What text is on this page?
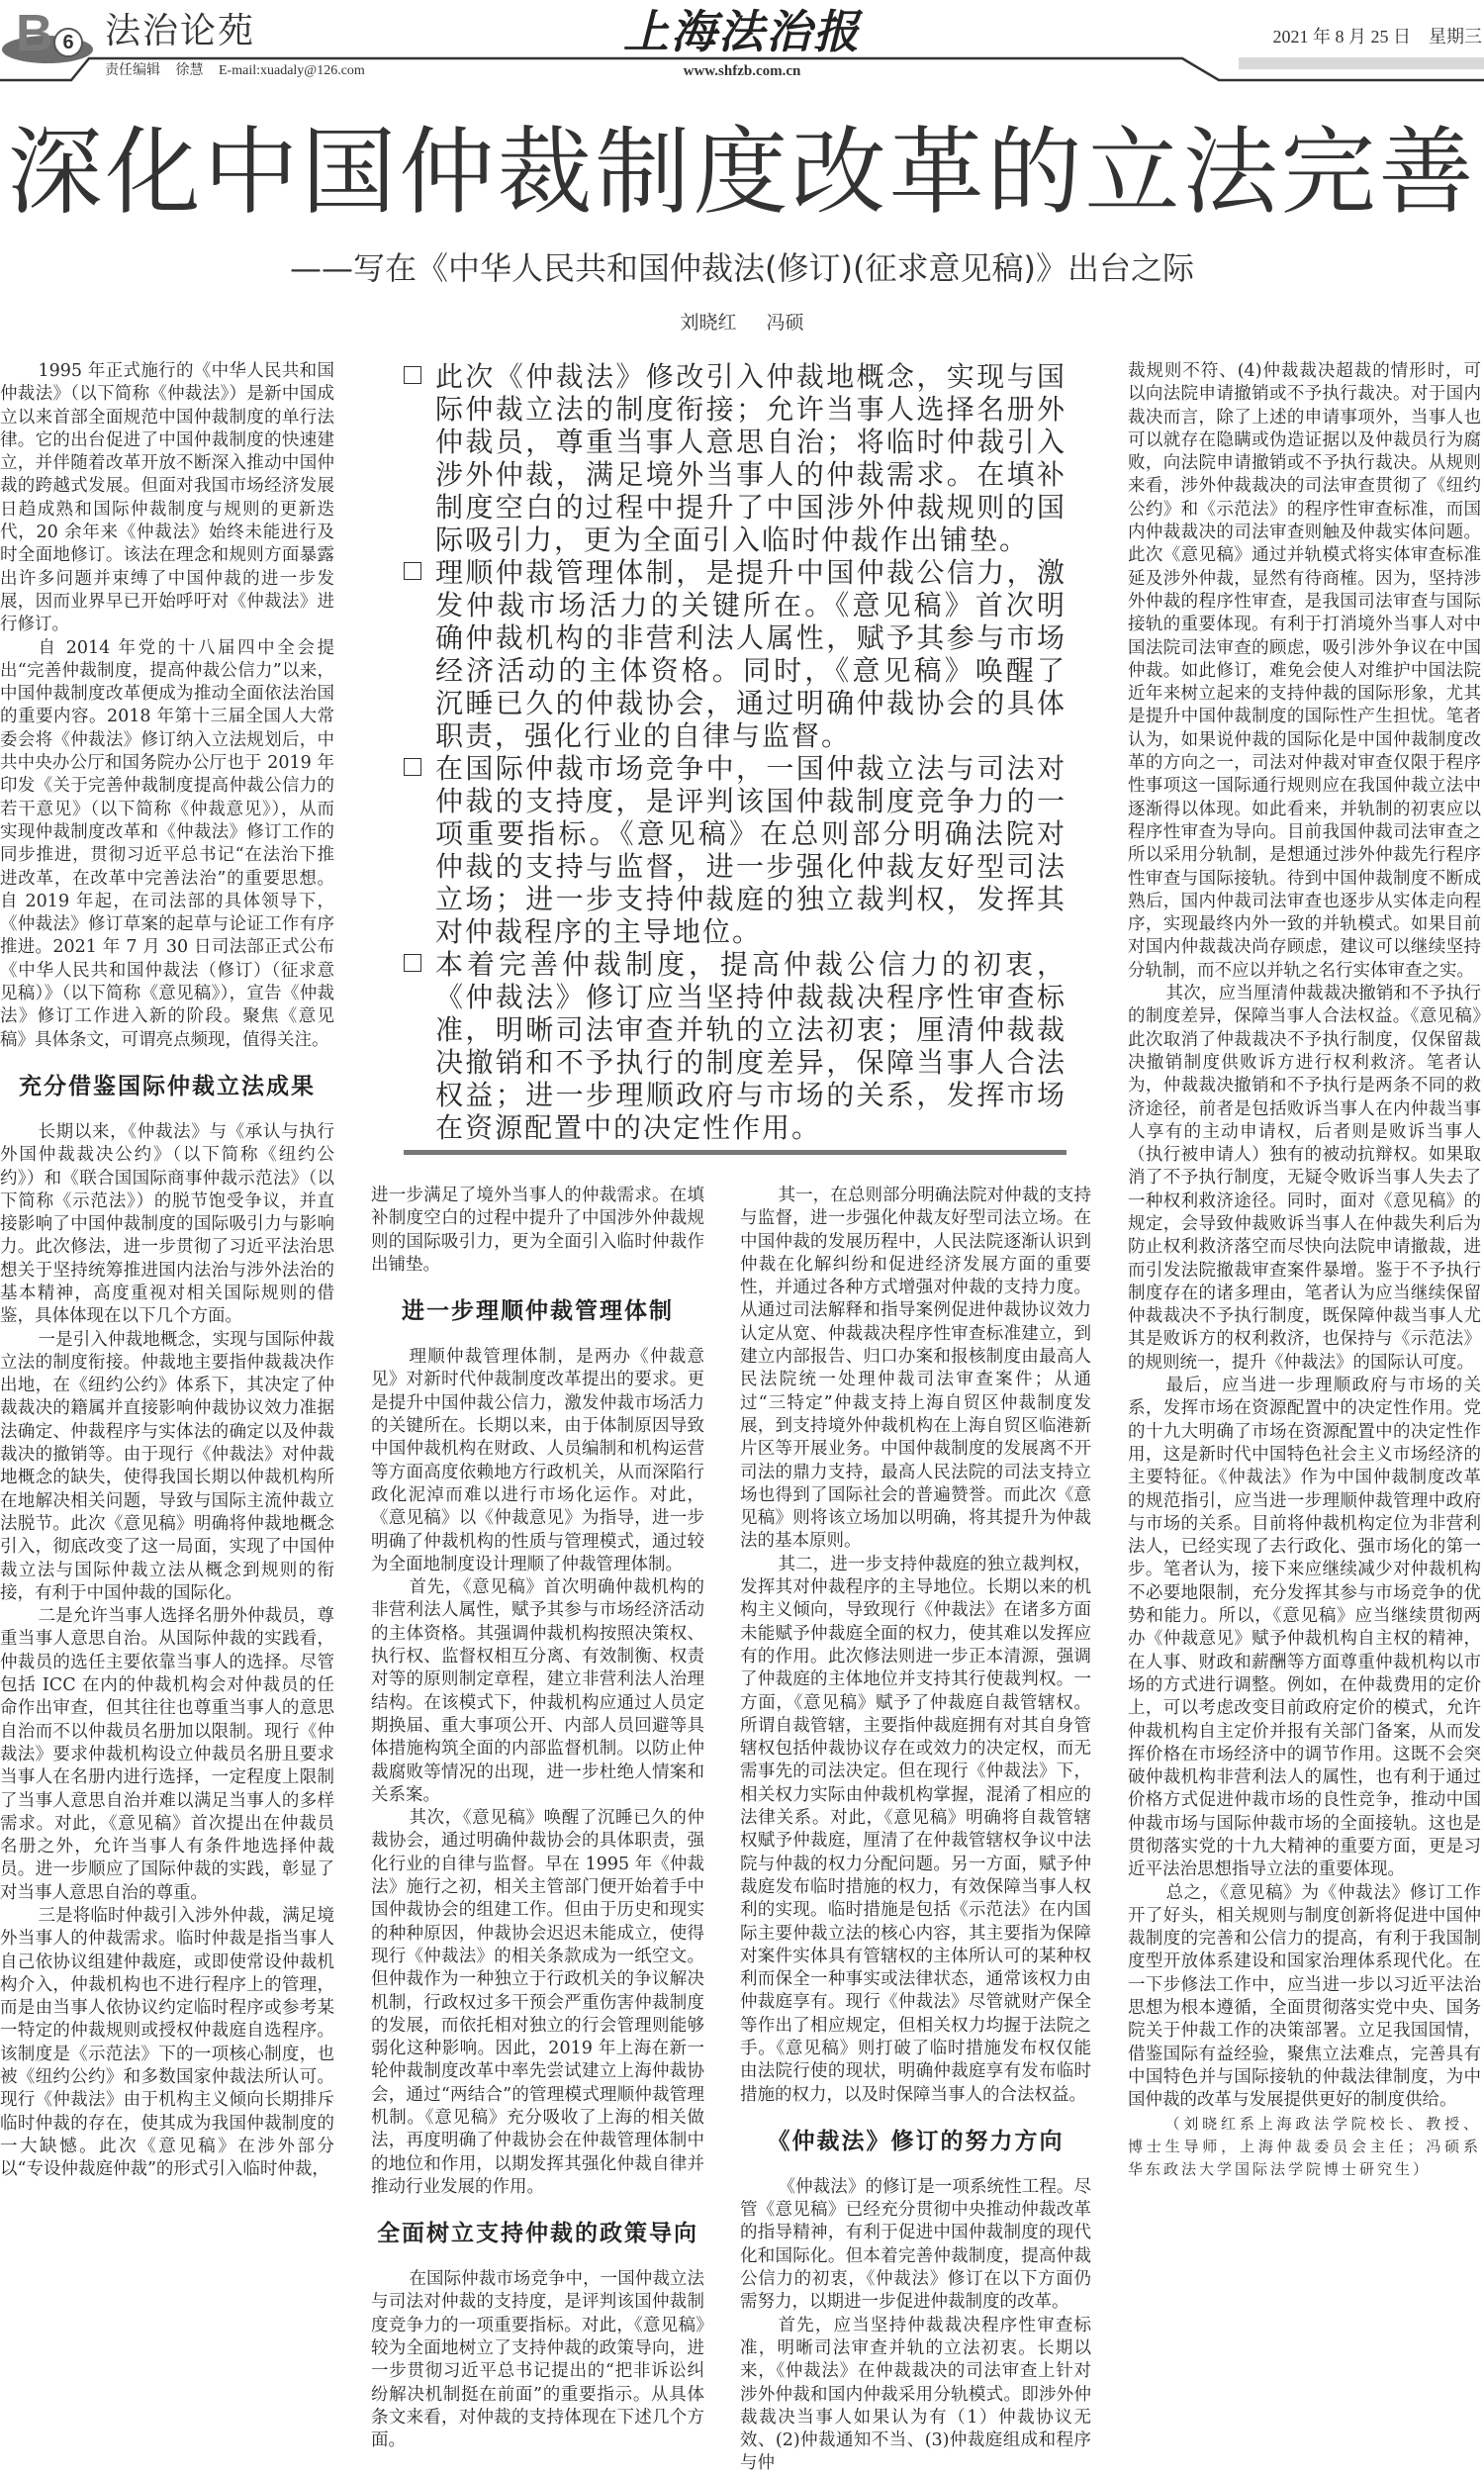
B 6 法治论苑	上海法治报	2021 年 8 月 25 日　星期三
责任编辑 徐慧 E-mail:xuadaly@126.com	www.shfzb.com.cn
深化中国仲裁制度改革的立法完善
——写在《中华人民共和国仲裁法(修订)(征求意见稿)》出台之际
刘晓红 冯硕

1995 年正式施行的《中华人民共和国仲裁法》（以下简称《仲裁法》）是新中国成立以来首部全面规范中国仲裁制度的单行法律。它的出台促进了中国仲裁制度的快速建立，并伴随着改革开放不断深入推动中国仲裁的跨越式发展。但面对我国市场经济发展日趋成熟和国际仲裁制度与规则的更新迭代，20 余年来《仲裁法》始终未能进行及时全面地修订。该法在理念和规则方面暴露出许多问题并束缚了中国仲裁的进一步发展，因而业界早已开始呼吁对《仲裁法》进行修订。

自 2014 年党的十八届四中全会提出“完善仲裁制度，提高仲裁公信力”以来，中国仲裁制度改革便成为推动全面依法治国的重要内容。2018 年第十三届全国人大常委会将《仲裁法》修订纳入立法规划后，中共中央办公厅和国务院办公厅也于 2019 年印发《关于完善仲裁制度提高仲裁公信力的若干意见》（以下简称《仲裁意见》），从而实现仲裁制度改革和《仲裁法》修订工作的同步推进，贯彻习近平总书记“在法治下推进改革，在改革中完善法治”的重要思想。自 2019 年起，在司法部的具体领导下，《仲裁法》修订草案的起草与论证工作有序推进。2021 年 7 月 30 日司法部正式公布《中华人民共和国仲裁法（修订）（征求意见稿）》（以下简称《意见稿》），宣告《仲裁法》修订工作进入新的阶段。聚焦《意见稿》具体条文，可谓亮点频现，值得关注。

充分借鉴国际仲裁立法成果

长期以来，《仲裁法》与《承认与执行外国仲裁裁决公约》（以下简称《纽约公约》）和《联合国国际商事仲裁示范法》（以下简称《示范法》）的脱节饱受争议，并直接影响了中国仲裁制度的国际吸引力与影响力。此次修法，进一步贯彻了习近平法治思想关于坚持统筹推进国内法治与涉外法治的基本精神，高度重视对相关国际规则的借鉴，具体体现在以下几个方面。

一是引入仲裁地概念，实现与国际仲裁立法的制度衔接。仲裁地主要指仲裁裁决作出地，在《纽约公约》体系下，其决定了仲裁裁决的籍属并直接影响仲裁协议效力准据法确定、仲裁程序与实体法的确定以及仲裁裁决的撤销等。由于现行《仲裁法》对仲裁地概念的缺失，使得我国长期以仲裁机构所在地解决相关问题，导致与国际主流仲裁立法脱节。此次《意见稿》明确将仲裁地概念引入，彻底改变了这一局面，实现了中国仲裁立法与国际仲裁立法从概念到规则的衔接，有利于中国仲裁的国际化。

二是允许当事人选择名册外仲裁员，尊重当事人意思自治。从国际仲裁的实践看，仲裁员的选任主要依靠当事人的选择。尽管包括 ICC 在内的仲裁机构会对仲裁员的任命作出审查，但其往往也尊重当事人的意思自治而不以仲裁员名册加以限制。现行《仲裁法》要求仲裁机构设立仲裁员名册且要求当事人在名册内进行选择，一定程度上限制了当事人意思自治并难以满足当事人的多样需求。对此，《意见稿》首次提出在仲裁员名册之外，允许当事人有条件地选择仲裁员。进一步顺应了国际仲裁的实践，彰显了对当事人意思自治的尊重。

三是将临时仲裁引入涉外仲裁，满足境外当事人的仲裁需求。临时仲裁是指当事人自己依协议组建仲裁庭，或即使常设仲裁机构介入，仲裁机构也不进行程序上的管理，而是由当事人依协议约定临时程序或参考某一特定的仲裁规则或授权仲裁庭自选程序。该制度是《示范法》下的一项核心制度，也被《纽约公约》和多数国家仲裁法所认可。现行《仲裁法》由于机构主义倾向长期排斥临时仲裁的存在，使其成为我国仲裁制度的一大缺憾。此次《意见稿》在涉外部分以“专设仲裁庭仲裁”的形式引入临时仲裁，

此次《仲裁法》修改引入仲裁地概念，实现与国际仲裁立法的制度衔接；允许当事人选择名册外仲裁员，尊重当事人意思自治；将临时仲裁引入涉外仲裁，满足境外当事人的仲裁需求。在填补制度空白的过程中提升了中国涉外仲裁规则的国际吸引力，更为全面引入临时仲裁作出铺垫。
理顺仲裁管理体制，是提升中国仲裁公信力，激发仲裁市场活力的关键所在。《意见稿》首次明确仲裁机构的非营利法人属性，赋予其参与市场经济活动的主体资格。同时，《意见稿》唤醒了沉睡已久的仲裁协会，通过明确仲裁协会的具体职责，强化行业的自律与监督。
在国际仲裁市场竞争中，一国仲裁立法与司法对仲裁的支持度，是评判该国仲裁制度竞争力的一项重要指标。《意见稿》在总则部分明确法院对仲裁的支持与监督，进一步强化仲裁友好型司法立场；进一步支持仲裁庭的独立裁判权，发挥其对仲裁程序的主导地位。
本着完善仲裁制度，提高仲裁公信力的初衷，《仲裁法》修订应当坚持仲裁裁决程序性审查标准，明晰司法审查并轨的立法初衷；厘清仲裁裁决撤销和不予执行的制度差异，保障当事人合法权益；进一步理顺政府与市场的关系，发挥市场在资源配置中的决定性作用。

进一步满足了境外当事人的仲裁需求。在填补制度空白的过程中提升了中国涉外仲裁规则的国际吸引力，更为全面引入临时仲裁作出铺垫。

进一步理顺仲裁管理体制

理顺仲裁管理体制，是两办《仲裁意见》对新时代仲裁制度改革提出的要求。更是提升中国仲裁公信力，激发仲裁市场活力的关键所在。长期以来，由于体制原因导致中国仲裁机构在财政、人员编制和机构运营等方面高度依赖地方行政机关，从而深陷行政化泥淖而难以进行市场化运作。对此，《意见稿》以《仲裁意见》为指导，进一步明确了仲裁机构的性质与管理模式，通过较为全面地制度设计理顺了仲裁管理体制。

首先，《意见稿》首次明确仲裁机构的非营利法人属性，赋予其参与市场经济活动的主体资格。其强调仲裁机构按照决策权、执行权、监督权相互分离、有效制衡、权责对等的原则制定章程，建立非营利法人治理结构。在该模式下，仲裁机构应通过人员定期换届、重大事项公开、内部人员回避等具体措施构筑全面的内部监督机制。以防止仲裁腐败等情况的出现，进一步杜绝人情案和关系案。

其次，《意见稿》唤醒了沉睡已久的仲裁协会，通过明确仲裁协会的具体职责，强化行业的自律与监督。早在 1995 年《仲裁法》施行之初，相关主管部门便开始着手中国仲裁协会的组建工作。但由于历史和现实的种种原因，仲裁协会迟迟未能成立，使得现行《仲裁法》的相关条款成为一纸空文。但仲裁作为一种独立于行政机关的争议解决机制，行政权过多干预会严重伤害仲裁制度的发展，而依托相对独立的行会管理则能够弱化这种影响。因此，2019 年上海在新一轮仲裁制度改革中率先尝试建立上海仲裁协会，通过“两结合”的管理模式理顺仲裁管理机制。《意见稿》充分吸收了上海的相关做法，再度明确了仲裁协会在仲裁管理体制中的地位和作用，以期发挥其强化仲裁自律并推动行业发展的作用。

全面树立支持仲裁的政策导向

在国际仲裁市场竞争中，一国仲裁立法与司法对仲裁的支持度，是评判该国仲裁制度竞争力的一项重要指标。对此，《意见稿》较为全面地树立了支持仲裁的政策导向，进一步贯彻习近平总书记提出的“把非诉讼纠纷解决机制挺在前面”的重要指示。从具体条文来看，对仲裁的支持体现在下述几个方面。

其一，在总则部分明确法院对仲裁的支持与监督，进一步强化仲裁友好型司法立场。在中国仲裁的发展历程中，人民法院逐渐认识到仲裁在化解纠纷和促进经济发展方面的重要性，并通过各种方式增强对仲裁的支持力度。从通过司法解释和指导案例促进仲裁协议效力认定从宽、仲裁裁决程序性审查标准建立，到建立内部报告、归口办案和报核制度由最高人民法院统一处理仲裁司法审查案件；从通过“三特定”仲裁支持上海自贸区仲裁制度发展，到支持境外仲裁机构在上海自贸区临港新片区等开展业务。中国仲裁制度的发展离不开司法的鼎力支持，最高人民法院的司法支持立场也得到了国际社会的普遍赞誉。而此次《意见稿》则将该立场加以明确，将其提升为仲裁法的基本原则。

其二，进一步支持仲裁庭的独立裁判权，发挥其对仲裁程序的主导地位。长期以来的机构主义倾向，导致现行《仲裁法》在诸多方面未能赋予仲裁庭全面的权力，使其难以发挥应有的作用。此次修法则进一步正本清源，强调了仲裁庭的主体地位并支持其行使裁判权。一方面，《意见稿》赋予了仲裁庭自裁管辖权。所谓自裁管辖，主要指仲裁庭拥有对其自身管辖权包括仲裁协议存在或效力的决定权，而无需事先的司法决定。但在现行《仲裁法》下，相关权力实际由仲裁机构掌握，混淆了相应的法律关系。对此，《意见稿》明确将自裁管辖权赋予仲裁庭，厘清了在仲裁管辖权争议中法院与仲裁的权力分配问题。另一方面，赋予仲裁庭发布临时措施的权力，有效保障当事人权利的实现。临时措施是包括《示范法》在内国际主要仲裁立法的核心内容，其主要指为保障对案件实体具有管辖权的主体所认可的某种权利而保全一种事实或法律状态，通常该权力由仲裁庭享有。现行《仲裁法》尽管就财产保全等作出了相应规定，但相关权力均握于法院之手。《意见稿》则打破了临时措施发布权仅能由法院行使的现状，明确仲裁庭享有发布临时措施的权力，以及时保障当事人的合法权益。

《仲裁法》修订的努力方向

《仲裁法》的修订是一项系统性工程。尽管《意见稿》已经充分贯彻中央推动仲裁改革的指导精神，有利于促进中国仲裁制度的现代化和国际化。但本着完善仲裁制度，提高仲裁公信力的初衷，《仲裁法》修订在以下方面仍需努力，以期进一步促进仲裁制度的改革。

首先，应当坚持仲裁裁决程序性审查标准，明晰司法审查并轨的立法初衷。长期以来，《仲裁法》在仲裁裁决的司法审查上针对涉外仲裁和国内仲裁采用分轨模式。即涉外仲裁裁决当事人如果认为有（1）仲裁协议无效、(2)仲裁通知不当、(3)仲裁庭组成和程序与仲

裁规则不符、(4)仲裁裁决超裁的情形时，可以向法院申请撤销或不予执行裁决。对于国内裁决而言，除了上述的申请事项外，当事人也可以就存在隐瞒或伪造证据以及仲裁员行为腐败，向法院申请撤销或不予执行裁决。从规则来看，涉外仲裁裁决的司法审查贯彻了《纽约公约》和《示范法》的程序性审查标准，而国内仲裁裁决的司法审查则触及仲裁实体问题。此次《意见稿》通过并轨模式将实体审查标准延及涉外仲裁，显然有待商榷。因为，坚持涉外仲裁的程序性审查，是我国司法审查与国际接轨的重要体现。有利于打消境外当事人对中国法院司法审查的顾虑，吸引涉外争议在中国仲裁。如此修订，难免会使人对维护中国法院近年来树立起来的支持仲裁的国际形象，尤其是提升中国仲裁制度的国际性产生担忧。笔者认为，如果说仲裁的国际化是中国仲裁制度改革的方向之一，司法对仲裁对审查仅限于程序性事项这一国际通行规则应在我国仲裁立法中逐渐得以体现。如此看来，并轨制的初衷应以程序性审查为导向。目前我国仲裁司法审查之所以采用分轨制，是想通过涉外仲裁先行程序性审查与国际接轨。待到中国仲裁制度不断成熟后，国内仲裁司法审查也逐步从实体走向程序，实现最终内外一致的并轨模式。如果目前对国内仲裁裁决尚存顾虑，建议可以继续坚持分轨制，而不应以并轨之名行实体审查之实。

其次，应当厘清仲裁裁决撤销和不予执行的制度差异，保障当事人合法权益。《意见稿》此次取消了仲裁裁决不予执行制度，仅保留裁决撤销制度供败诉方进行权利救济。笔者认为，仲裁裁决撤销和不予执行是两条不同的救济途径，前者是包括败诉当事人在内仲裁当事人享有的主动申请权，后者则是败诉当事人（执行被申请人）独有的被动抗辩权。如果取消了不予执行制度，无疑令败诉当事人失去了一种权利救济途径。同时，面对《意见稿》的规定，会导致仲裁败诉当事人在仲裁失利后为防止权利救济落空而尽快向法院申请撤裁，进而引发法院撤裁审查案件暴增。鉴于不予执行制度存在的诸多理由，笔者认为应当继续保留仲裁裁决不予执行制度，既保障仲裁当事人尤其是败诉方的权利救济，也保持与《示范法》的规则统一，提升《仲裁法》的国际认可度。

最后，应当进一步理顺政府与市场的关系，发挥市场在资源配置中的决定性作用。党的十九大明确了市场在资源配置中的决定性作用，这是新时代中国特色社会主义市场经济的主要特征。《仲裁法》作为中国仲裁制度改革的规范指引，应当进一步理顺仲裁管理中政府与市场的关系。目前将仲裁机构定位为非营利法人，已经实现了去行政化、强市场化的第一步。笔者认为，接下来应继续减少对仲裁机构不必要地限制，充分发挥其参与市场竞争的优势和能力。所以，《意见稿》应当继续贯彻两办《仲裁意见》赋予仲裁机构自主权的精神，在人事、财政和薪酬等方面尊重仲裁机构以市场的方式进行调整。例如，在仲裁费用的定价上，可以考虑改变目前政府定价的模式，允许仲裁机构自主定价并报有关部门备案，从而发挥价格在市场经济中的调节作用。这既不会突破仲裁机构非营利法人的属性，也有利于通过价格方式促进仲裁市场的良性竞争，推动中国仲裁市场与国际仲裁市场的全面接轨。这也是贯彻落实党的十九大精神的重要方面，更是习近平法治思想指导立法的重要体现。

总之，《意见稿》为《仲裁法》修订工作开了好头，相关规则与制度创新将促进中国仲裁制度的完善和公信力的提高，有利于我国制度型开放体系建设和国家治理体系现代化。在一下步修法工作中，应当进一步以习近平法治思想为根本遵循，全面贯彻落实党中央、国务院关于仲裁工作的决策部署。立足我国国情，借鉴国际有益经验，聚焦立法难点，完善具有中国特色并与国际接轨的仲裁法律制度，为中国仲裁的改革与发展提供更好的制度供给。

（刘晓红系上海政法学院校长、教授、博士生导师，上海仲裁委员会主任；冯硕系华东政法大学国际法学院博士研究生）
